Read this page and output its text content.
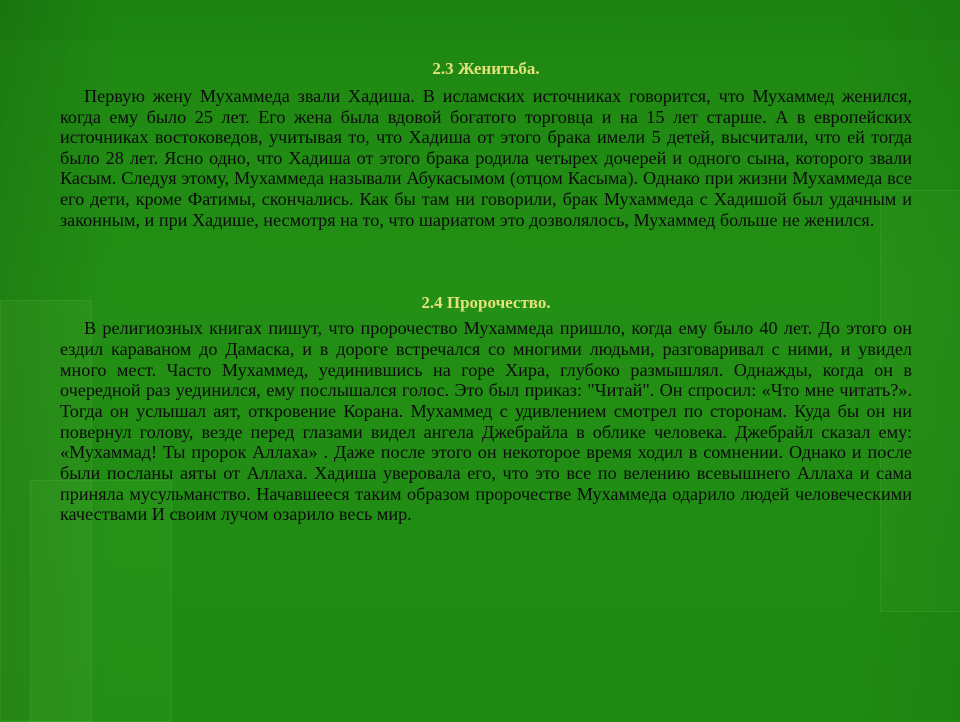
2.3 Женитьба.

Первую жену Мухаммеда звали Хадиша. В исламских источниках говорится, что Мухаммед женился, когда ему было 25 лет. Его жена была вдовой богатого торговца и на 15 лет старше. А в европейских источниках востоковедов, учитывая то, что Хадиша от этого брака имели 5 детей, высчитали, что ей тогда было 28 лет. Ясно одно, что Хадиша от этого брака родила четырех дочерей и одного сына, которого звали Касым. Следуя этому, Мухаммеда называли Абукасымом (отцом Касыма). Однако при жизни Мухаммеда все его дети, кроме Фатимы, скончались. Как бы там ни говорили, брак Мухаммеда с Хадишой был удачным и законным, и при Хадише, несмотря на то, что шариатом это дозволялось, Мухаммед больше не женился.

2.4 Пророчество.

В религиозных книгах пишут, что пророчество Мухаммеда пришло, когда ему было 40 лет. До этого он ездил караваном до Дамаска, и в дороге встречался со многими людьми, разговаривал с ними, и увидел много мест. Часто Мухаммед, уединившись на горе Хира, глубоко размышлял. Однажды, когда он в очередной раз уединился, ему послышался голос. Это был приказ: "Читай". Он спросил: «Что мне читать?». Тогда он услышал аят, откровение Корана. Мухаммед с удивлением смотрел по сторонам. Куда бы он ни повернул голову, везде перед глазами видел ангела Джебрайла в облике человека. Джебрайл сказал ему: «Мухаммад! Ты пророк Аллаха» . Даже после этого он некоторое время ходил в сомнении. Однако и после были посланы аяты от Аллаха. Хадиша уверовала его, что это все по велению всевышнего Аллаха и сама приняла мусульманство. Начавшееся таким образом пророчестве Мухаммеда одарило людей человеческими качествами И своим лучом озарило весь мир.
